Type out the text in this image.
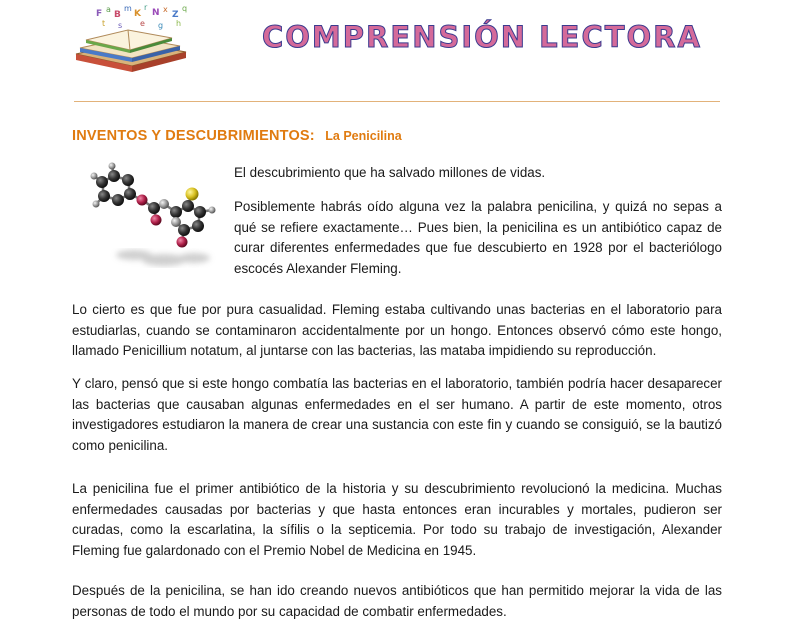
F a
B
m
K
r
N x
Z
q
t s e g h	COMPRENSIÓN LECTORA
INVENTOS Y DESCUBRIMIENTOS: La Penicilina

El descubrimiento que ha salvado millones de vidas.

Posiblemente habrás oído alguna vez la palabra penicilina, y quizá no sepas a qué se refiere exactamente… Pues bien, la penicilina es un antibiótico capaz de curar diferentes enfermedades que fue descubierto en 1928 por el bacteriólogo escocés Alexander Fleming.

Lo cierto es que fue por pura casualidad. Fleming estaba cultivando unas bacterias en el laboratorio para estudiarlas, cuando se contaminaron accidentalmente por un hongo. Entonces observó cómo este hongo, llamado Penicillium notatum, al juntarse con las bacterias, las mataba impidiendo su reproducción.

Y claro, pensó que si este hongo combatía las bacterias en el laboratorio, también podría hacer desaparecer las bacterias que causaban algunas enfermedades en el ser humano. A partir de este momento, otros investigadores estudiaron la manera de crear una sustancia con este fin y cuando se consiguió, se la bautizó como penicilina.

La penicilina fue el primer antibiótico de la historia y su descubrimiento revolucionó la medicina. Muchas enfermedades causadas por bacterias y que hasta entonces eran incurables y mortales, pudieron ser curadas, como la escarlatina, la sífilis o la septicemia. Por todo su trabajo de investigación, Alexander Fleming fue galardonado con el Premio Nobel de Medicina en 1945.

Después de la penicilina, se han ido creando nuevos antibióticos que han permitido mejorar la vida de las personas de todo el mundo por su capacidad de combatir enfermedades.
